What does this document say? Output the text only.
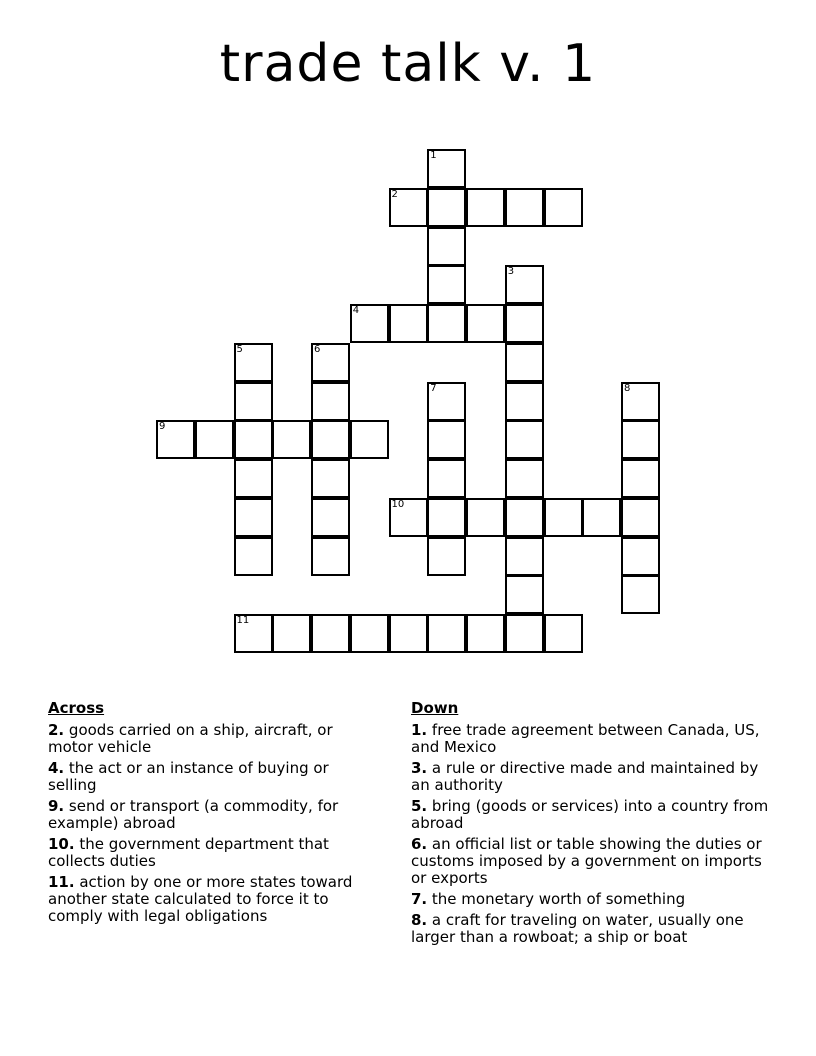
trade talk v. 1
1
2
3
4
5	6
7	8
9
10
11
Across
2. goods carried on a ship, aircraft, or motor vehicle
4. the act or an instance of buying or selling
9. send or transport (a commodity, for example) abroad
10. the government department that collects duties
11. action by one or more states toward another state calculated to force it to comply with legal obligations
Down
1. free trade agreement between Canada, US, and Mexico
3. a rule or directive made and maintained by an authority
5. bring (goods or services) into a country from abroad
6. an official list or table showing the duties or customs imposed by a government on imports or exports
7. the monetary worth of something
8. a craft for traveling on water, usually one larger than a rowboat; a ship or boat
